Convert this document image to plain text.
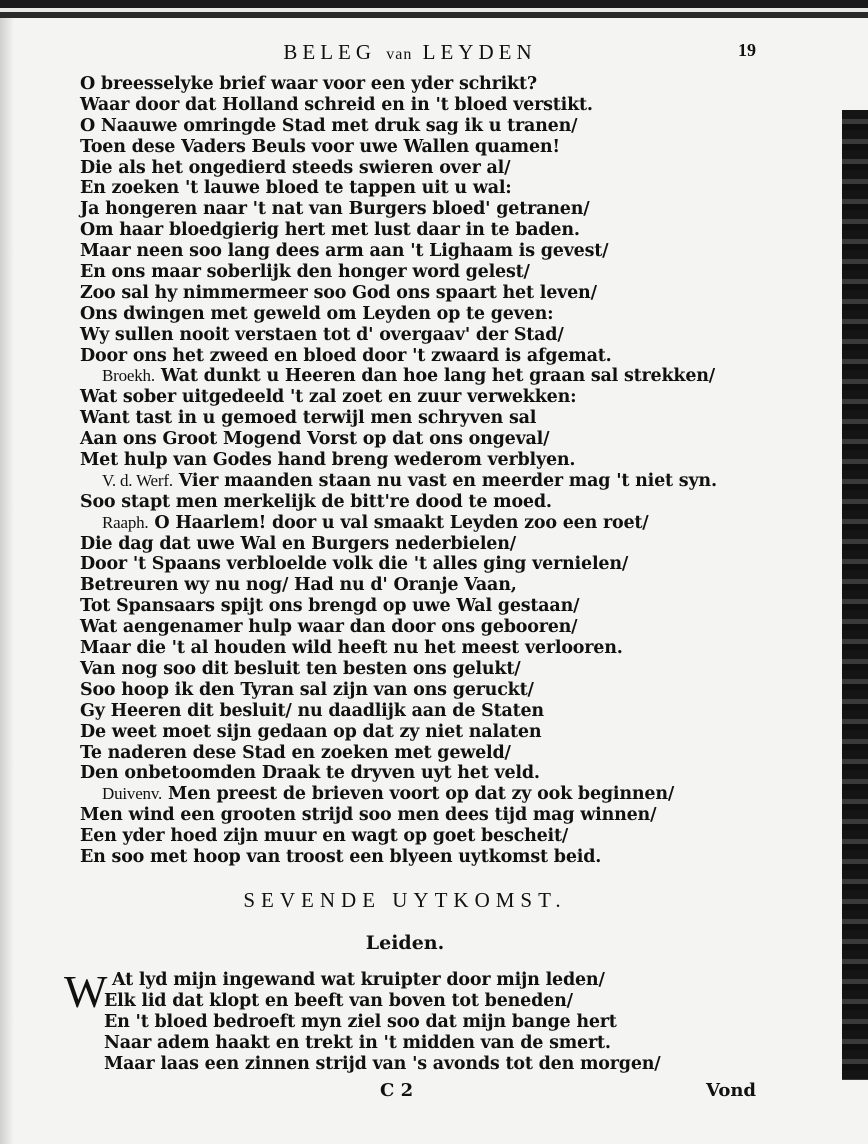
BELEG van LEYDEN	19
O breesselyke brief waar voor een yder schrikt?
Waar door dat Holland schreid en in 't bloed verstikt.
O Naauwe omringde Stad met druk sag ik u tranen/
Toen dese Vaders Beuls voor uwe Wallen quamen!
Die als het ongedierd steeds swieren over al/
En zoeken 't lauwe bloed te tappen uit u wal:
Ja hongeren naar 't nat van Burgers bloed' getranen/
Om haar bloedgierig hert met lust daar in te baden.
Maar neen soo lang dees arm aan 't Lighaam is gevest/
En ons maar soberlijk den honger word gelest/
Zoo sal hy nimmermeer soo God ons spaart het leven/
Ons dwingen met geweld om Leyden op te geven:
Wy sullen nooit verstaen tot d' overgaav' der Stad/
Door ons het zweed en bloed door 't zwaard is afgemat.
Broekh. Wat dunkt u Heeren dan hoe lang het graan sal strekken/
Wat sober uitgedeeld 't zal zoet en zuur verwekken:
Want tast in u gemoed terwijl men schryven sal
Aan ons Groot Mogend Vorst op dat ons ongeval/
Met hulp van Godes hand breng wederom verblyen.
V. d. Werf. Vier maanden staan nu vast en meerder mag 't niet syn.
Soo stapt men merkelijk de bitt're dood te moed.
Raaph. O Haarlem! door u val smaakt Leyden zoo een roet/
Die dag dat uwe Wal en Burgers nederbielen/
Door 't Spaans verbloelde volk die 't alles ging vernielen/
Betreuren wy nu nog/ Had nu d' Oranje Vaan,
Tot Spansaars spijt ons brengd op uwe Wal gestaan/
Wat aengenamer hulp waar dan door ons gebooren/
Maar die 't al houden wild heeft nu het meest verlooren.
Van nog soo dit besluit ten besten ons gelukt/
Soo hoop ik den Tyran sal zijn van ons geruckt/
Gy Heeren dit besluit/ nu daadlijk aan de Staten
De weet moet sijn gedaan op dat zy niet nalaten
Te naderen dese Stad en zoeken met geweld/
Den onbetoomden Draak te dryven uyt het veld.
Duivenv. Men preest de brieven voort op dat zy ook beginnen/
Men wind een grooten strijd soo men dees tijd mag winnen/
Een yder hoed zijn muur en wagt op goet bescheit/
En soo met hoop van troost een blyeen uytkomst beid.
SEVENDE UYTKOMST.
Leiden.
W At lyd mijn ingewand wat kruipter door mijn leden/
Elk lid dat klopt en beeft van boven tot beneden/
En 't bloed bedroeft myn ziel soo dat mijn bange hert
Naar adem haakt en trekt in 't midden van de smert.
Maar laas een zinnen strijd van 's avonds tot den morgen/
C 2	Vond
